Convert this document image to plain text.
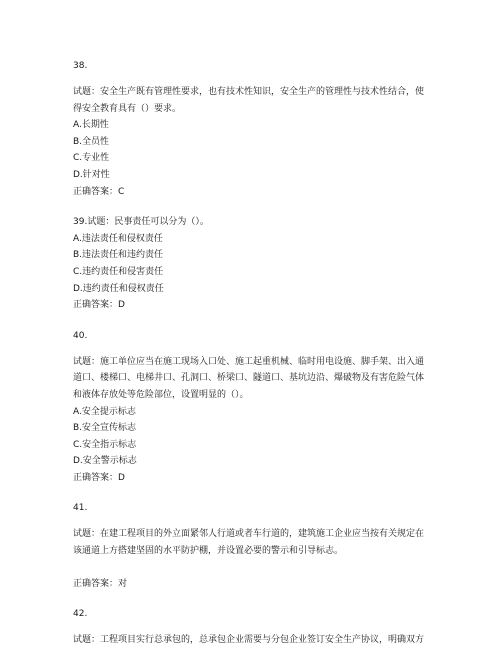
38.
试题：安全生产既有管理性要求，也有技术性知识，安全生产的管理性与技术性结合，使
得安全教育具有（）要求。
A.长期性
B.全员性
C.专业性
D.针对性
正确答案：C
39.试题：民事责任可以分为（）。
A.违法责任和侵权责任
B.违法责任和违约责任
C.违约责任和侵害责任
D.违约责任和侵权责任
正确答案：D
40.
试题：施工单位应当在施工现场入口处、施工起重机械、临时用电设施、脚手架、出入通
道口、楼梯口、电梯井口、孔洞口、桥梁口、隧道口、基坑边沿、爆破物及有害危险气体
和液体存放处等危险部位，设置明显的（）。
A.安全提示标志
B.安全宣传标志
C.安全指示标志
D.安全警示标志
正确答案：D
41.
试题：在建工程项目的外立面紧邻人行道或者车行道的，建筑施工企业应当按有关规定在
该通道上方搭建坚固的水平防护棚，并设置必要的警示和引导标志。
正确答案：对
42.
试题：工程项目实行总承包的，总承包企业需要与分包企业签订安全生产协议，明确双方
